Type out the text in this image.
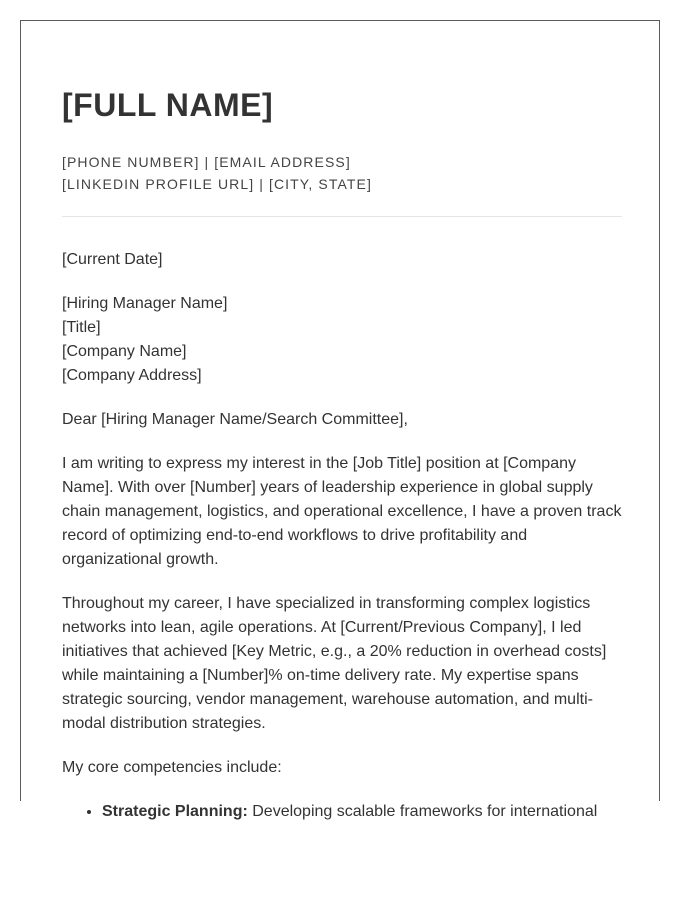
[FULL NAME]
[PHONE NUMBER] | [EMAIL ADDRESS]
[LINKEDIN PROFILE URL] | [CITY, STATE]
[Current Date]
[Hiring Manager Name]
[Title]
[Company Name]
[Company Address]

Dear [Hiring Manager Name/Search Committee],

I am writing to express my interest in the [Job Title] position at [Company Name]. With over [Number] years of leadership experience in global supply chain management, logistics, and operational excellence, I have a proven track record of optimizing end-to-end workflows to drive profitability and organizational growth.

Throughout my career, I have specialized in transforming complex logistics networks into lean, agile operations. At [Current/Previous Company], I led initiatives that achieved [Key Metric, e.g., a 20% reduction in overhead costs] while maintaining a [Number]% on-time delivery rate. My expertise spans strategic sourcing, vendor management, warehouse automation, and multi-modal distribution strategies.

My core competencies include:

• Strategic Planning: Developing scalable frameworks for international
